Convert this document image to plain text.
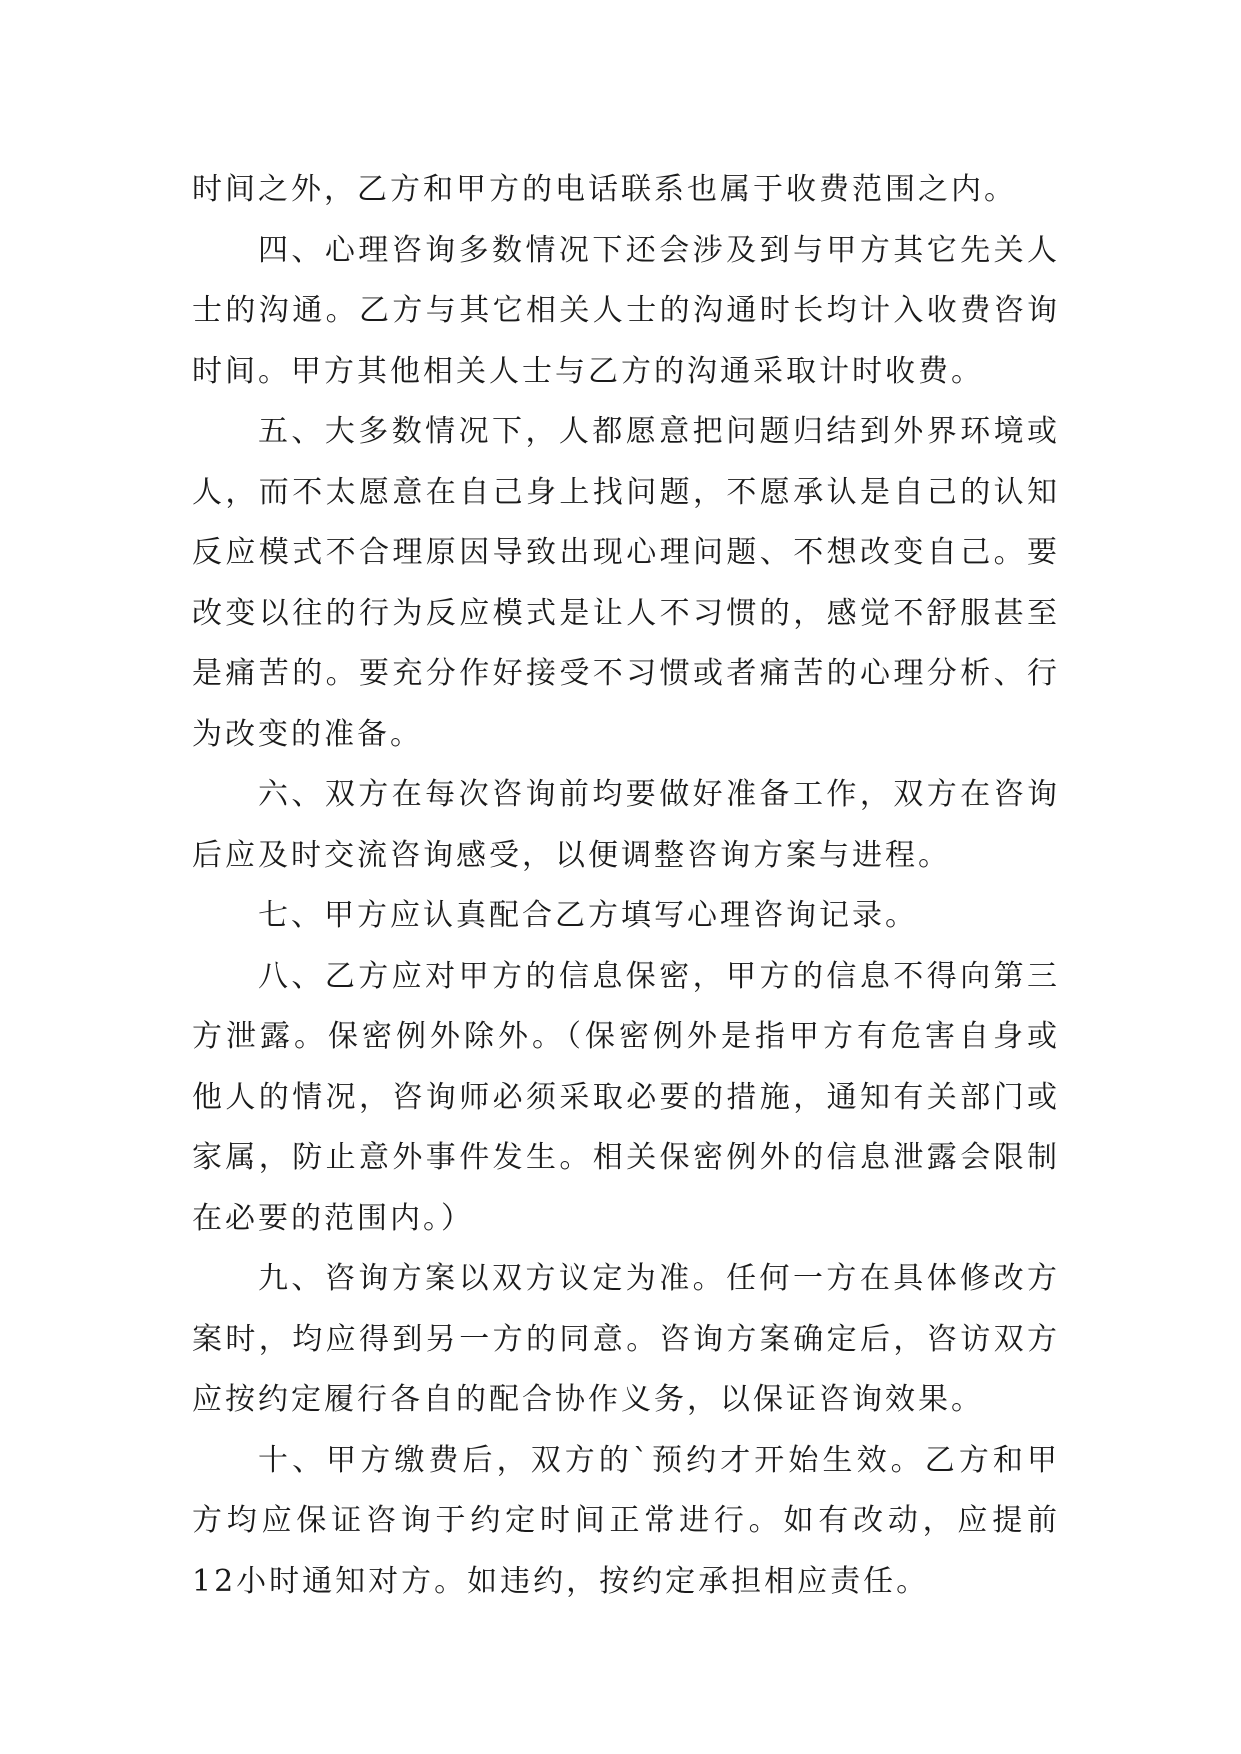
时间之外，乙方和甲方的电话联系也属于收费范围之内。

四、心理咨询多数情况下还会涉及到与甲方其它先关人士的沟通。乙方与其它相关人士的沟通时长均计入收费咨询时间。甲方其他相关人士与乙方的沟通采取计时收费。

五、大多数情况下，人都愿意把问题归结到外界环境或人，而不太愿意在自己身上找问题，不愿承认是自己的认知反应模式不合理原因导致出现心理问题、不想改变自己。要改变以往的行为反应模式是让人不习惯的，感觉不舒服甚至是痛苦的。要充分作好接受不习惯或者痛苦的心理分析、行为改变的准备。

六、双方在每次咨询前均要做好准备工作，双方在咨询后应及时交流咨询感受，以便调整咨询方案与进程。

七、甲方应认真配合乙方填写心理咨询记录。

八、乙方应对甲方的信息保密，甲方的信息不得向第三方泄露。保密例外除外。（保密例外是指甲方有危害自身或他人的情况，咨询师必须采取必要的措施，通知有关部门或家属，防止意外事件发生。相关保密例外的信息泄露会限制在必要的范围内。）

九、咨询方案以双方议定为准。任何一方在具体修改方案时，均应得到另一方的同意。咨询方案确定后，咨访双方应按约定履行各自的配合协作义务，以保证咨询效果。

十、甲方缴费后，双方的`预约才开始生效。乙方和甲方均应保证咨询于约定时间正常进行。如有改动，应提前12小时通知对方。如违约，按约定承担相应责任。
